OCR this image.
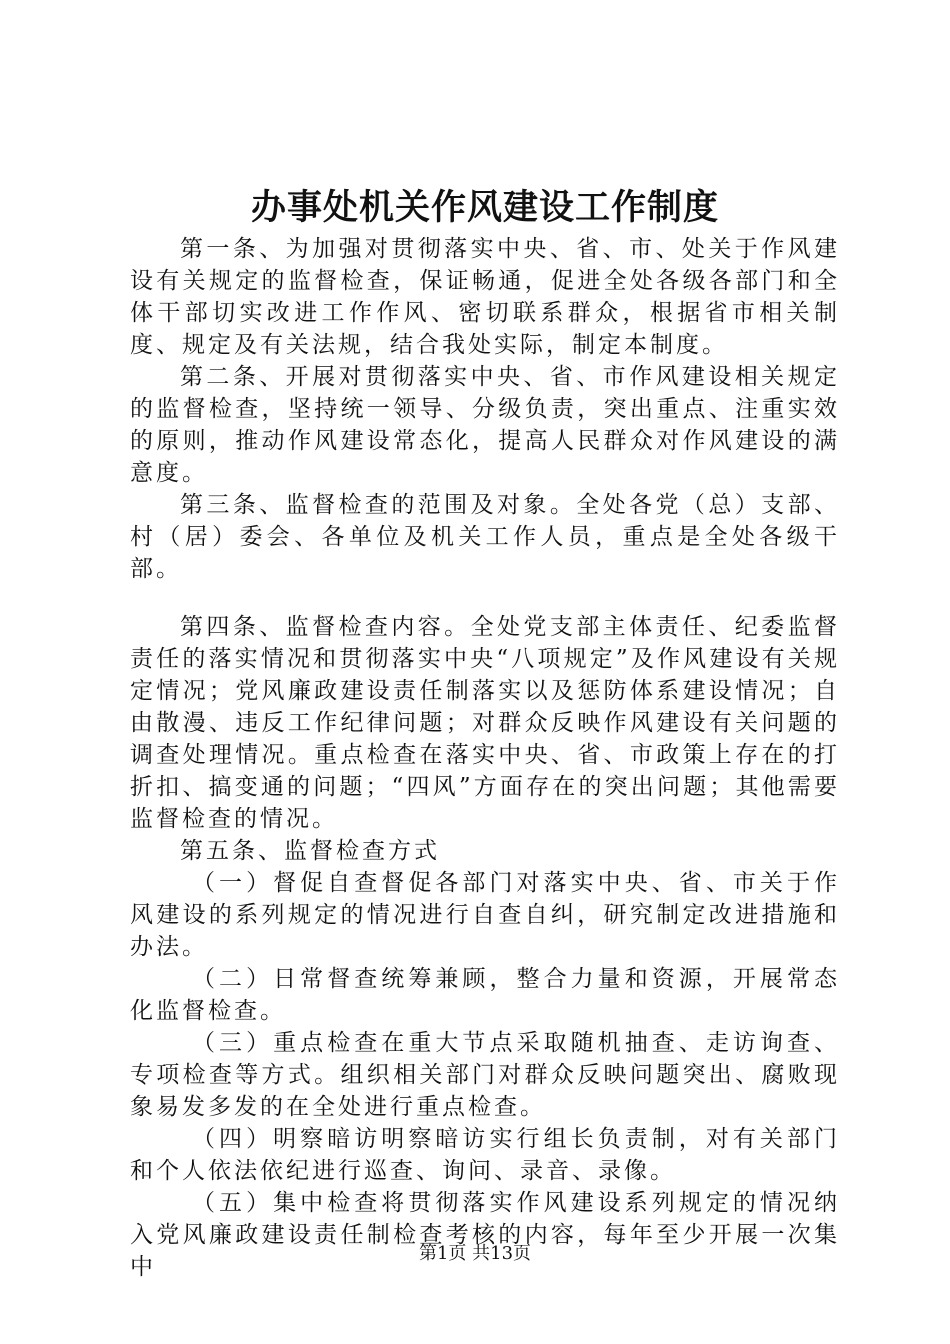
办事处机关作风建设工作制度

第一条、为加强对贯彻落实中央、省、市、处关于作风建设有关规定的监督检查，保证畅通，促进全处各级各部门和全体干部切实改进工作作风、密切联系群众，根据省市相关制度、规定及有关法规，结合我处实际，制定本制度。

第二条、开展对贯彻落实中央、省、市作风建设相关规定的监督检查，坚持统一领导、分级负责，突出重点、注重实效的原则，推动作风建设常态化，提高人民群众对作风建设的满意度。

第三条、监督检查的范围及对象。全处各党（总）支部、村（居）委会、各单位及机关工作人员，重点是全处各级干部。

第四条、监督检查内容。全处党支部主体责任、纪委监督责任的落实情况和贯彻落实中央“八项规定”及作风建设有关规定情况；党风廉政建设责任制落实以及惩防体系建设情况；自由散漫、违反工作纪律问题；对群众反映作风建设有关问题的调查处理情况。重点检查在落实中央、省、市政策上存在的打折扣、搞变通的问题；“四风”方面存在的突出问题；其他需要监督检查的情况。

第五条、监督检查方式

（一）督促自查督促各部门对落实中央、省、市关于作风建设的系列规定的情况进行自查自纠，研究制定改进措施和办法。

（二）日常督查统筹兼顾，整合力量和资源，开展常态化监督检查。

（三）重点检查在重大节点采取随机抽查、走访询查、专项检查等方式。组织相关部门对群众反映问题突出、腐败现象易发多发的在全处进行重点检查。

（四）明察暗访明察暗访实行组长负责制，对有关部门和个人依法依纪进行巡查、询问、录音、录像。

（五）集中检查将贯彻落实作风建设系列规定的情况纳入党风廉政建设责任制检查考核的内容，每年至少开展一次集中

第1页 共13页
